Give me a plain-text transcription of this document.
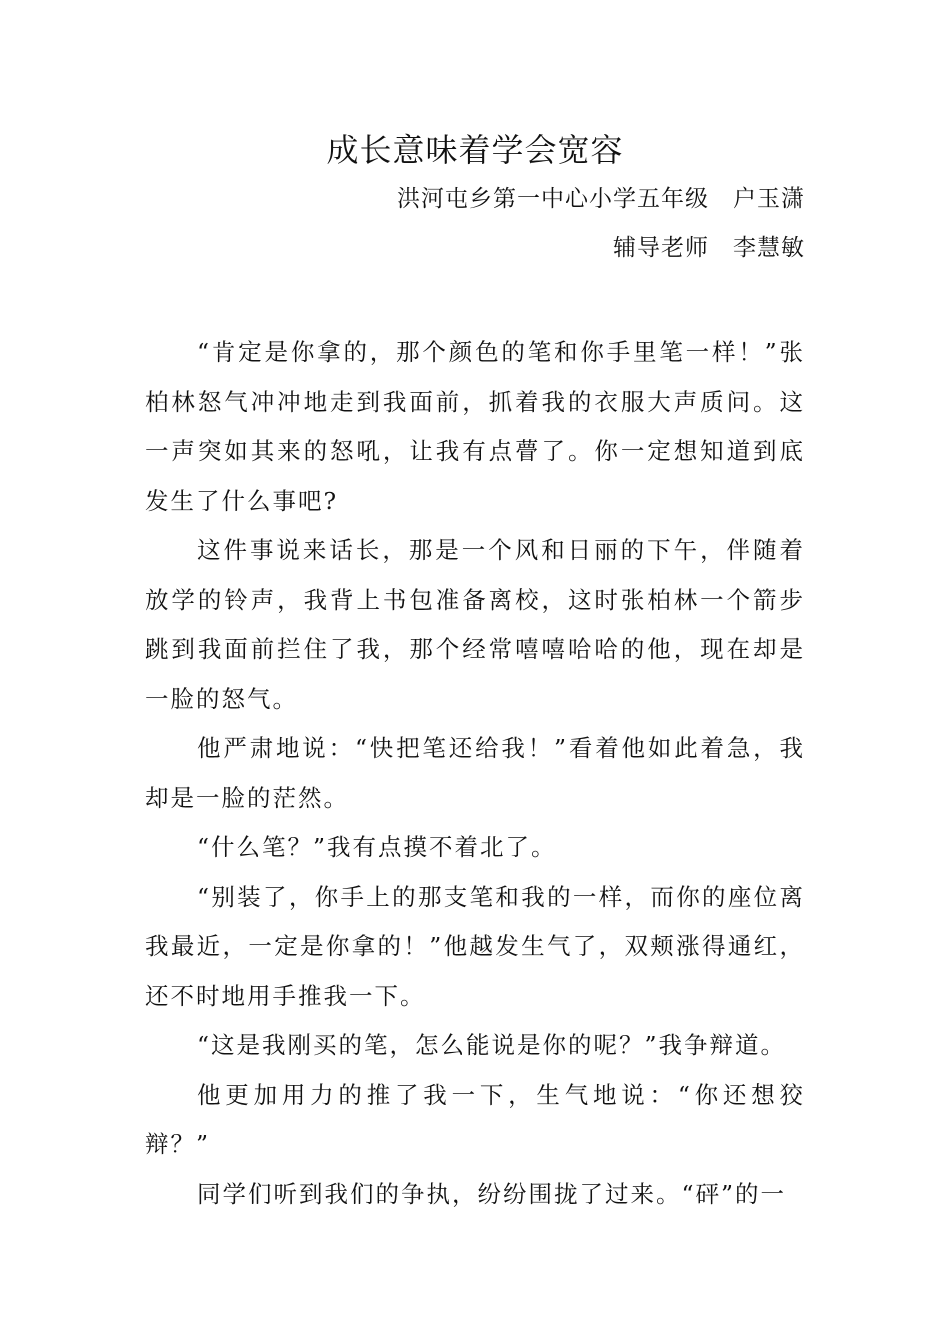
成长意味着学会宽容
洪河屯乡第一中心小学五年级　户玉潇
辅导老师　李慧敏

“肯定是你拿的，那个颜色的笔和你手里笔一样！”张柏林怒气冲冲地走到我面前，抓着我的衣服大声质问。这一声突如其来的怒吼，让我有点瞢了。你一定想知道到底发生了什么事吧?

这件事说来话长，那是一个风和日丽的下午，伴随着放学的铃声，我背上书包准备离校，这时张柏林一个箭步跳到我面前拦住了我，那个经常嘻嘻哈哈的他，现在却是一脸的怒气。

他严肃地说：“快把笔还给我！”看着他如此着急，我却是一脸的茫然。

“什么笔？”我有点摸不着北了。

“别装了，你手上的那支笔和我的一样，而你的座位离我最近，一定是你拿的！”他越发生气了，双颊涨得通红，还不时地用手推我一下。

“这是我刚买的笔，怎么能说是你的呢？”我争辩道。

他更加用力的推了我一下，生气地说：“你还想狡辩？”

同学们听到我们的争执，纷纷围拢了过来。“砰”的一
